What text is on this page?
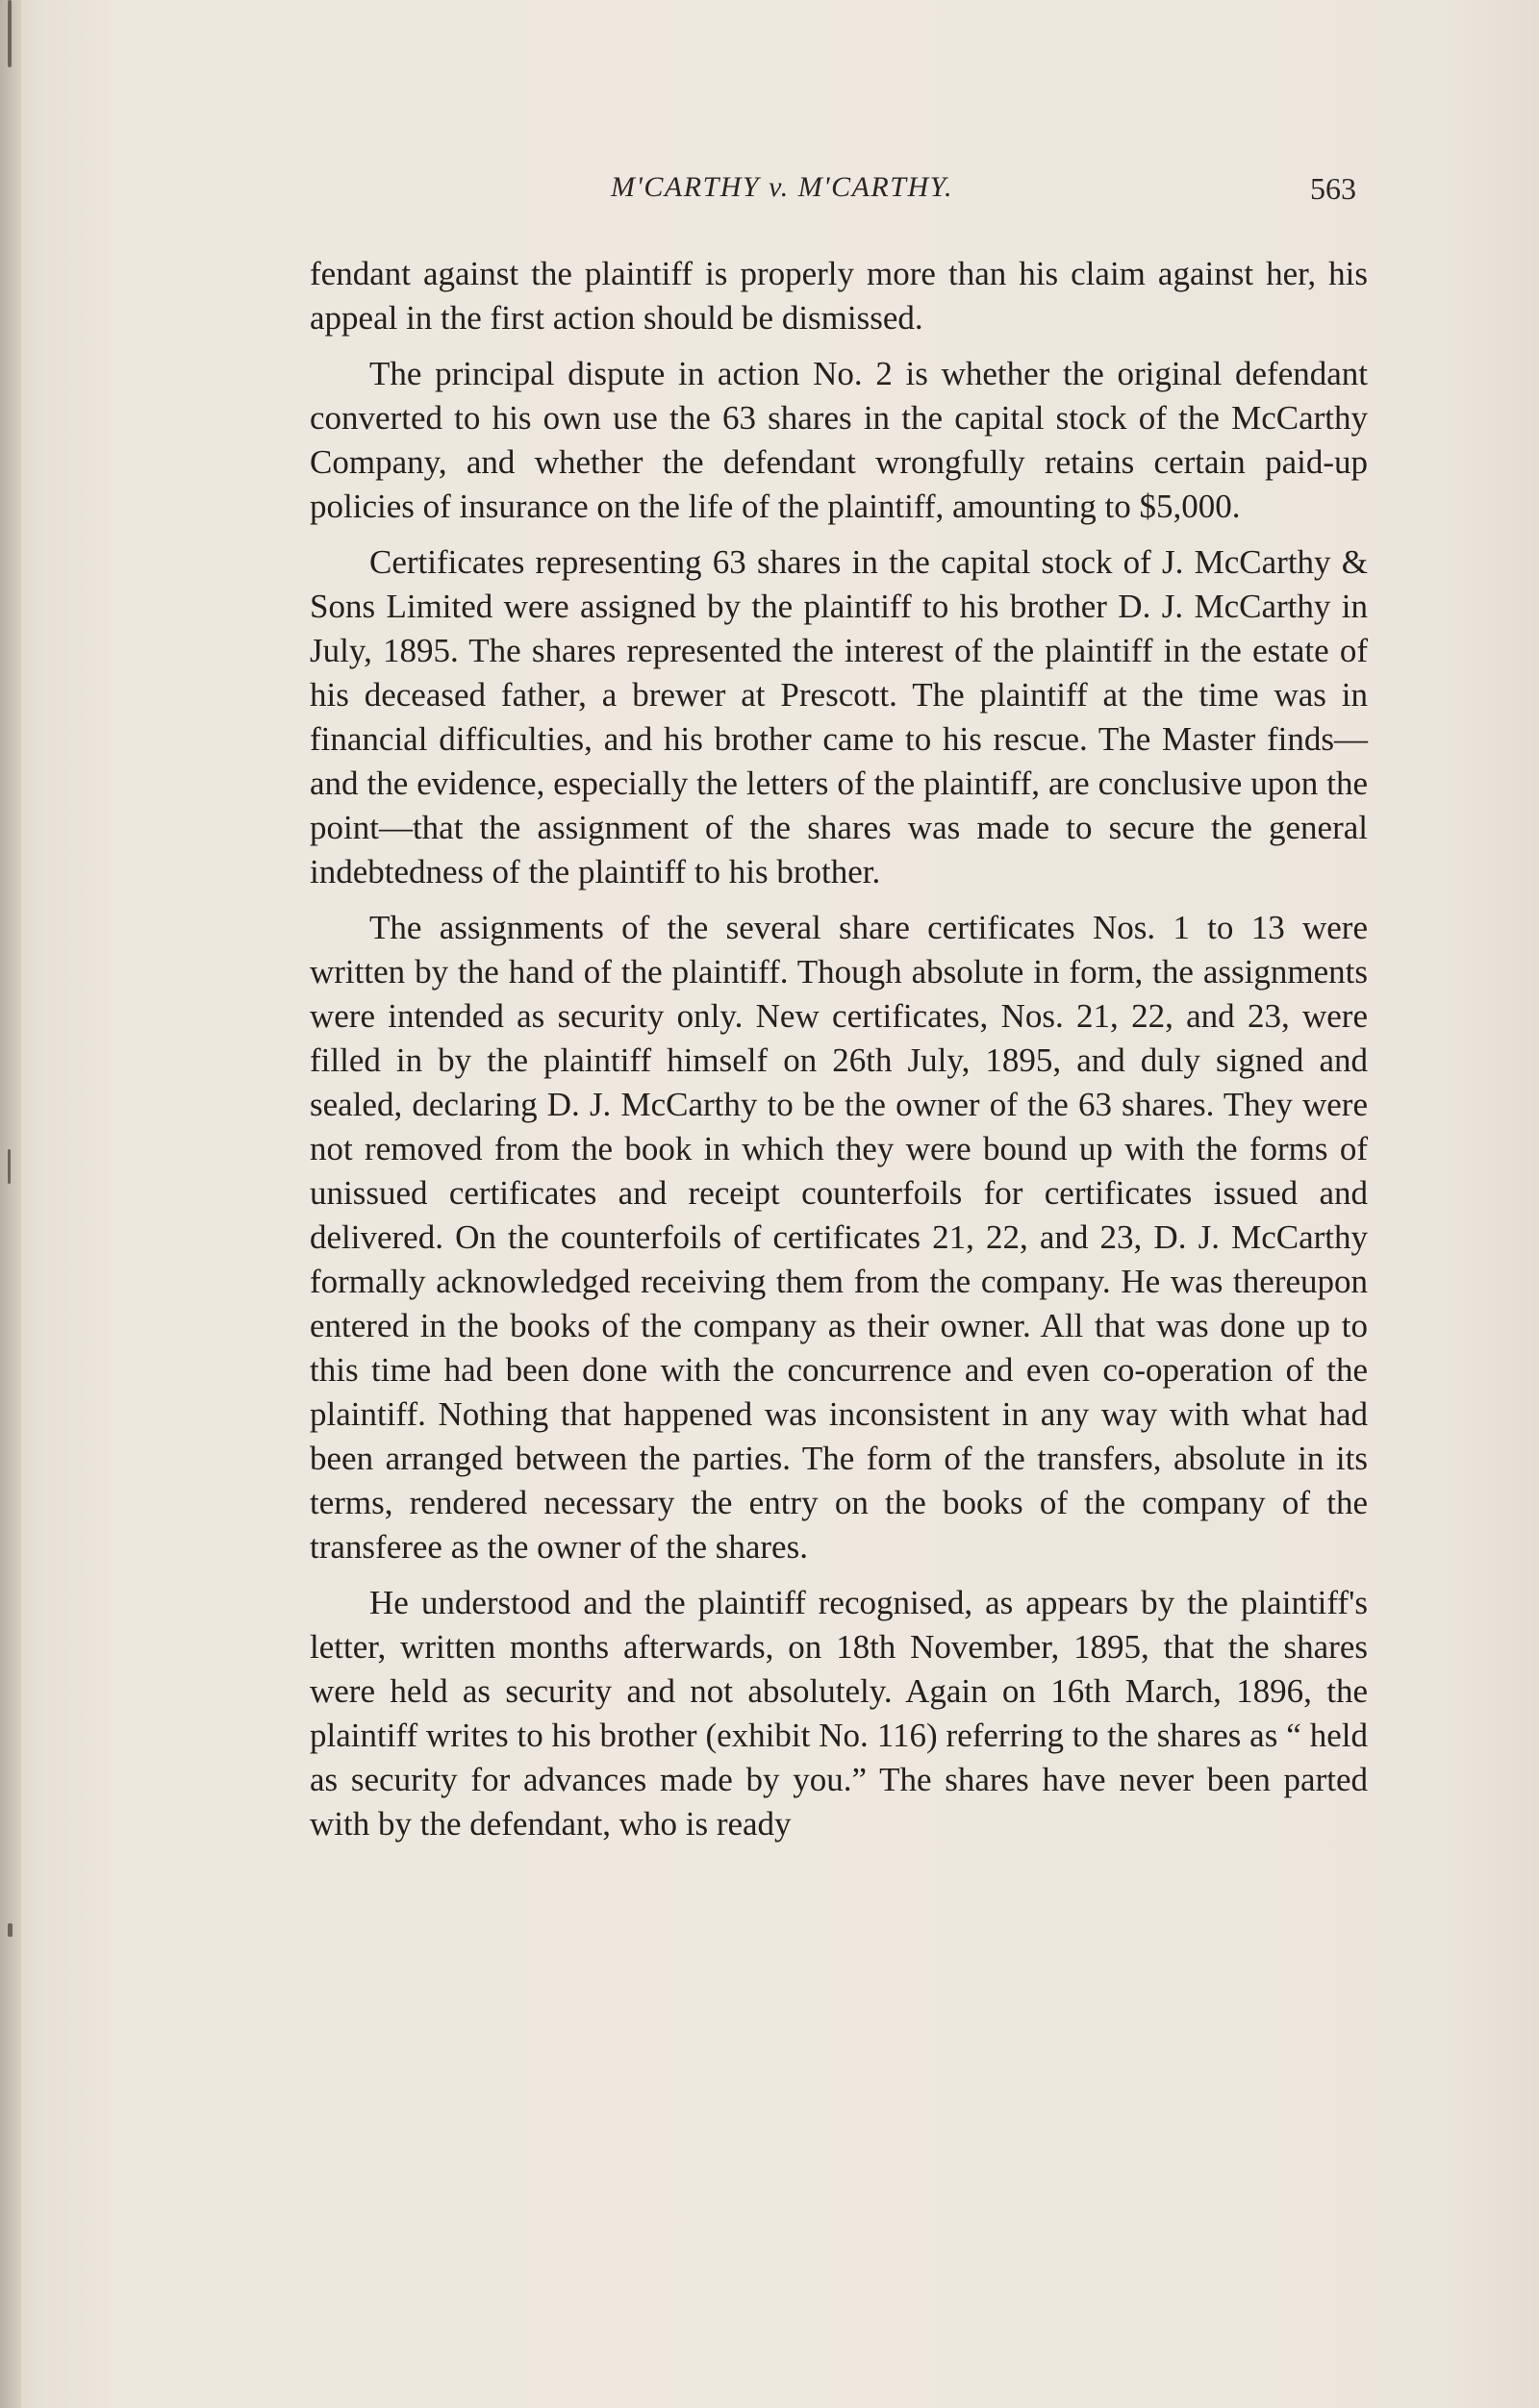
M'CARTHY v. M'CARTHY.	563

fendant against the plaintiff is properly more than his claim against her, his appeal in the first action should be dismissed.

The principal dispute in action No. 2 is whether the original defendant converted to his own use the 63 shares in the capital stock of the McCarthy Company, and whether the defendant wrongfully retains certain paid-up policies of insurance on the life of the plaintiff, amounting to $5,000.

Certificates representing 63 shares in the capital stock of J. McCarthy & Sons Limited were assigned by the plaintiff to his brother D. J. McCarthy in July, 1895. The shares represented the interest of the plaintiff in the estate of his deceased father, a brewer at Prescott. The plaintiff at the time was in financial difficulties, and his brother came to his rescue. The Master finds—and the evidence, especially the letters of the plaintiff, are conclusive upon the point—that the assignment of the shares was made to secure the general indebtedness of the plaintiff to his brother.

The assignments of the several share certificates Nos. 1 to 13 were written by the hand of the plaintiff. Though absolute in form, the assignments were intended as security only. New certificates, Nos. 21, 22, and 23, were filled in by the plaintiff himself on 26th July, 1895, and duly signed and sealed, declaring D. J. McCarthy to be the owner of the 63 shares. They were not removed from the book in which they were bound up with the forms of unissued certificates and receipt counterfoils for certificates issued and delivered. On the counterfoils of certificates 21, 22, and 23, D. J. McCarthy formally acknowledged receiving them from the company. He was thereupon entered in the books of the company as their owner. All that was done up to this time had been done with the concurrence and even co-operation of the plaintiff. Nothing that happened was inconsistent in any way with what had been arranged between the parties. The form of the transfers, absolute in its terms, rendered necessary the entry on the books of the company of the transferee as the owner of the shares.

He understood and the plaintiff recognised, as appears by the plaintiff's letter, written months afterwards, on 18th November, 1895, that the shares were held as security and not absolutely. Again on 16th March, 1896, the plaintiff writes to his brother (exhibit No. 116) referring to the shares as “ held as security for advances made by you.” The shares have never been parted with by the defendant, who is ready
